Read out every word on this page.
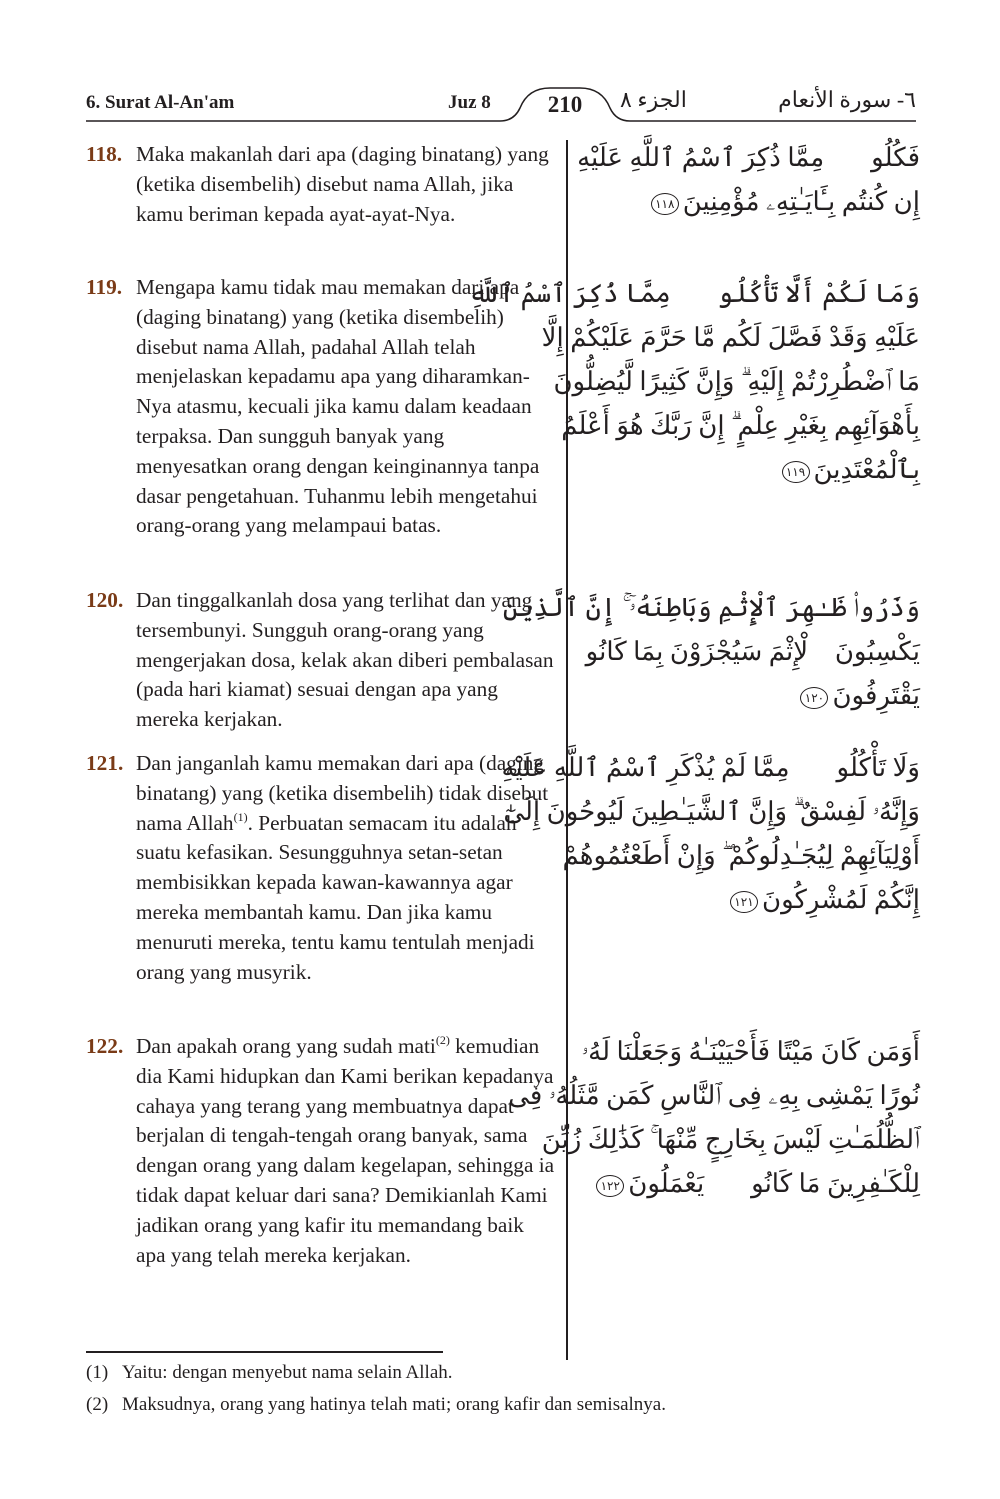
6. Surat Al-An'am	Juz 8	210	الجزء ٨	٦- سورة الأنعام
118. Maka makanlah dari apa (daging binatang) yang (ketika disembelih) disebut nama Allah, jika kamu beriman kepada ayat-ayat-Nya.
فَكُلُوا۟ مِمَّا ذُكِرَ ٱسْمُ ٱللَّهِ عَلَيْهِ
إِن كُنتُم بِـَٔايَـٰتِهِۦ مُؤْمِنِينَ١١٨
119. Mengapa kamu tidak mau memakan dari apa (daging binatang) yang (ketika disembelih) disebut nama Allah, padahal Allah telah menjelaskan kepadamu apa yang diharamkan-Nya atasmu, kecuali jika kamu dalam keadaan terpaksa. Dan sungguh banyak yang menyesatkan orang dengan keinginannya tanpa dasar pengetahuan. Tuhanmu lebih mengetahui orang-orang yang melampaui batas.
وَمَا لَكُمْ أَلَّا تَأْكُلُوا۟ مِمَّا ذُكِرَ ٱسْمُ ٱللَّهِ
عَلَيْهِ وَقَدْ فَصَّلَ لَكُم مَّا حَرَّمَ عَلَيْكُمْ إِلَّا
مَا ٱضْطُرِرْتُمْ إِلَيْهِ ۗ وَإِنَّ كَثِيرًا لَّيُضِلُّونَ
بِأَهْوَآئِهِم بِغَيْرِ عِلْمٍ ۗ إِنَّ رَبَّكَ هُوَ أَعْلَمُ
بِٱلْمُعْتَدِينَ١١٩
120. Dan tinggalkanlah dosa yang terlihat dan yang tersembunyi. Sungguh orang-orang yang mengerjakan dosa, kelak akan diberi pembalasan (pada hari kiamat) sesuai dengan apa yang mereka kerjakan.
وَذَرُوا۟ ظَـٰهِرَ ٱلْإِثْمِ وَبَاطِنَهُۥٓ ۚ إِنَّ ٱلَّذِينَ
يَكْسِبُونَ ٱلْإِثْمَ سَيُجْزَوْنَ بِمَا كَانُوا۟
يَقْتَرِفُونَ١٢٠
121. Dan janganlah kamu memakan dari apa (daging binatang) yang (ketika disembelih) tidak disebut nama Allah$^{(1)}$. Perbuatan semacam itu adalah suatu kefasikan. Sesungguhnya setan-setan membisikkan kepada kawan-kawannya agar mereka membantah kamu. Dan jika kamu menuruti mereka, tentu kamu tentulah menjadi orang yang musyrik.
وَلَا تَأْكُلُوا۟ مِمَّا لَمْ يُذْكَرِ ٱسْمُ ٱللَّهِ عَلَيْهِ
وَإِنَّهُۥ لَفِسْقٌ ۗ وَإِنَّ ٱلشَّيَـٰطِينَ لَيُوحُونَ إِلَىٰٓ
أَوْلِيَآئِهِمْ لِيُجَـٰدِلُوكُمْ ۖ وَإِنْ أَطَعْتُمُوهُمْ
إِنَّكُمْ لَمُشْرِكُونَ١٢١
122. Dan apakah orang yang sudah mati$^{(2)}$ kemudian dia Kami hidupkan dan Kami berikan kepadanya cahaya yang terang yang membuatnya dapat berjalan di tengah-tengah orang banyak, sama dengan orang yang dalam kegelapan, sehingga ia tidak dapat keluar dari sana? Demikianlah Kami jadikan orang yang kafir itu memandang baik apa yang telah mereka kerjakan.
أَوَمَن كَانَ مَيْتًا فَأَحْيَيْنَـٰهُ وَجَعَلْنَا لَهُۥ
نُورًا يَمْشِى بِهِۦ فِى ٱلنَّاسِ كَمَن مَّثَلُهُۥ فِى
ٱلظُّلُمَـٰتِ لَيْسَ بِخَارِجٍ مِّنْهَا ۚ كَذَٰلِكَ زُيِّنَ
لِلْكَـٰفِرِينَ مَا كَانُوا۟ يَعْمَلُونَ١٢٢
(1) Yaitu: dengan menyebut nama selain Allah.
(2) Maksudnya, orang yang hatinya telah mati; orang kafir dan semisalnya.
